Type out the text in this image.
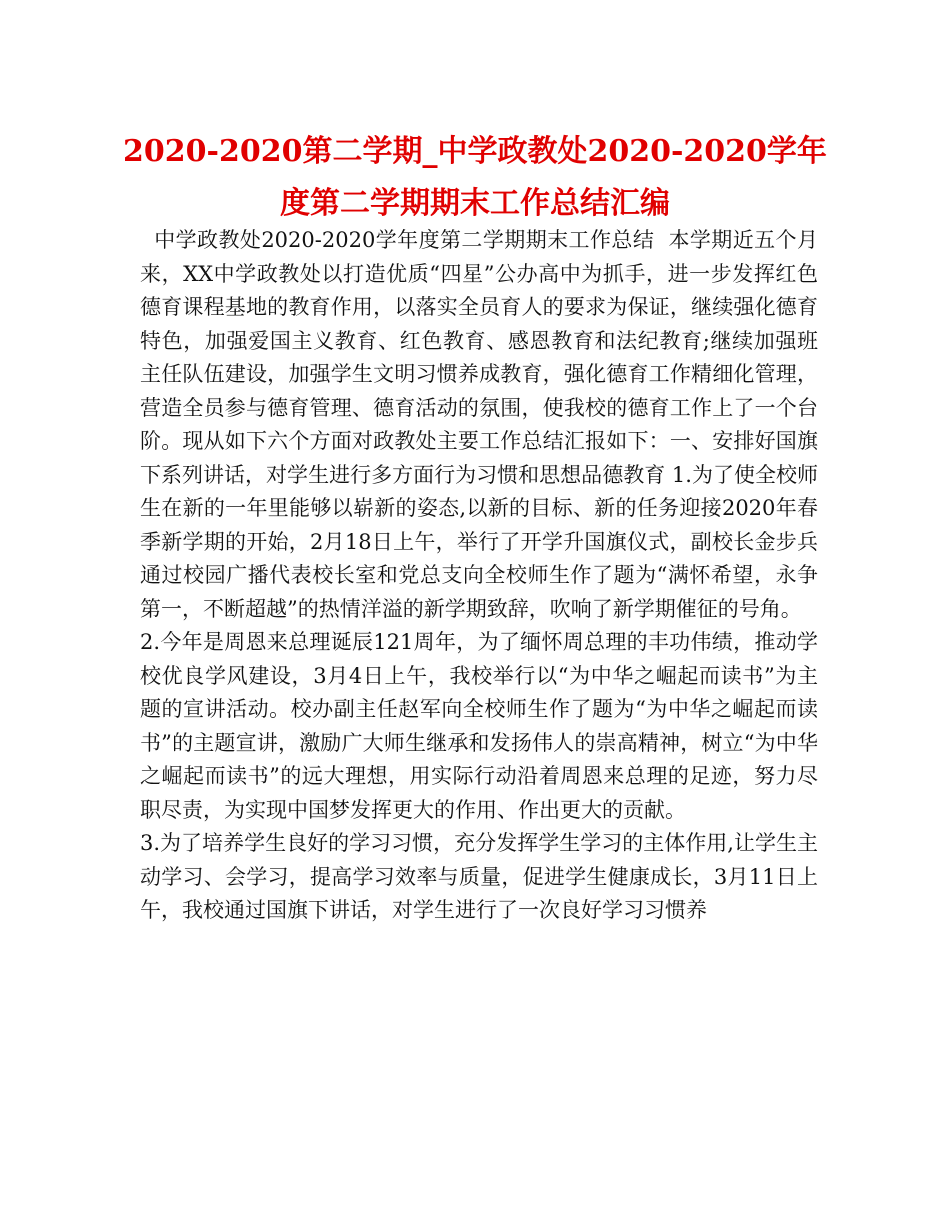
2020-2020第二学期_中学政教处2020-2020学年度第二学期期末工作总结汇编

中学政教处2020-2020学年度第二学期期末工作总结  本学期近五个月来，XX中学政教处以打造优质“四星”公办高中为抓手，进一步发挥红色德育课程基地的教育作用，以落实全员育人的要求为保证，继续强化德育特色，加强爱国主义教育、红色教育、感恩教育和法纪教育;继续加强班主任队伍建设，加强学生文明习惯养成教育，强化德育工作精细化管理，营造全员参与德育管理、德育活动的氛围，使我校的德育工作上了一个台阶。现从如下六个方面对政教处主要工作总结汇报如下：一、安排好国旗下系列讲话，对学生进行多方面行为习惯和思想品德教育 1.为了使全校师生在新的一年里能够以崭新的姿态,以新的目标、新的任务迎接2020年春季新学期的开始，2月18日上午，举行了开学升国旗仪式，副校长金步兵通过校园广播代表校长室和党总支向全校师生作了题为“满怀希望，永争第一，不断超越”的热情洋溢的新学期致辞，吹响了新学期催征的号角。

2.今年是周恩来总理诞辰121周年，为了缅怀周总理的丰功伟绩，推动学校优良学风建设，3月4日上午，我校举行以“为中华之崛起而读书”为主题的宣讲活动。校办副主任赵军向全校师生作了题为“为中华之崛起而读书”的主题宣讲，激励广大师生继承和发扬伟人的崇高精神，树立“为中华之崛起而读书”的远大理想，用实际行动沿着周恩来总理的足迹，努力尽职尽责，为实现中国梦发挥更大的作用、作出更大的贡献。

3.为了培养学生良好的学习习惯，充分发挥学生学习的主体作用,让学生主动学习、会学习，提高学习效率与质量，促进学生健康成长，3月11日上午，我校通过国旗下讲话，对学生进行了一次良好学习习惯养
